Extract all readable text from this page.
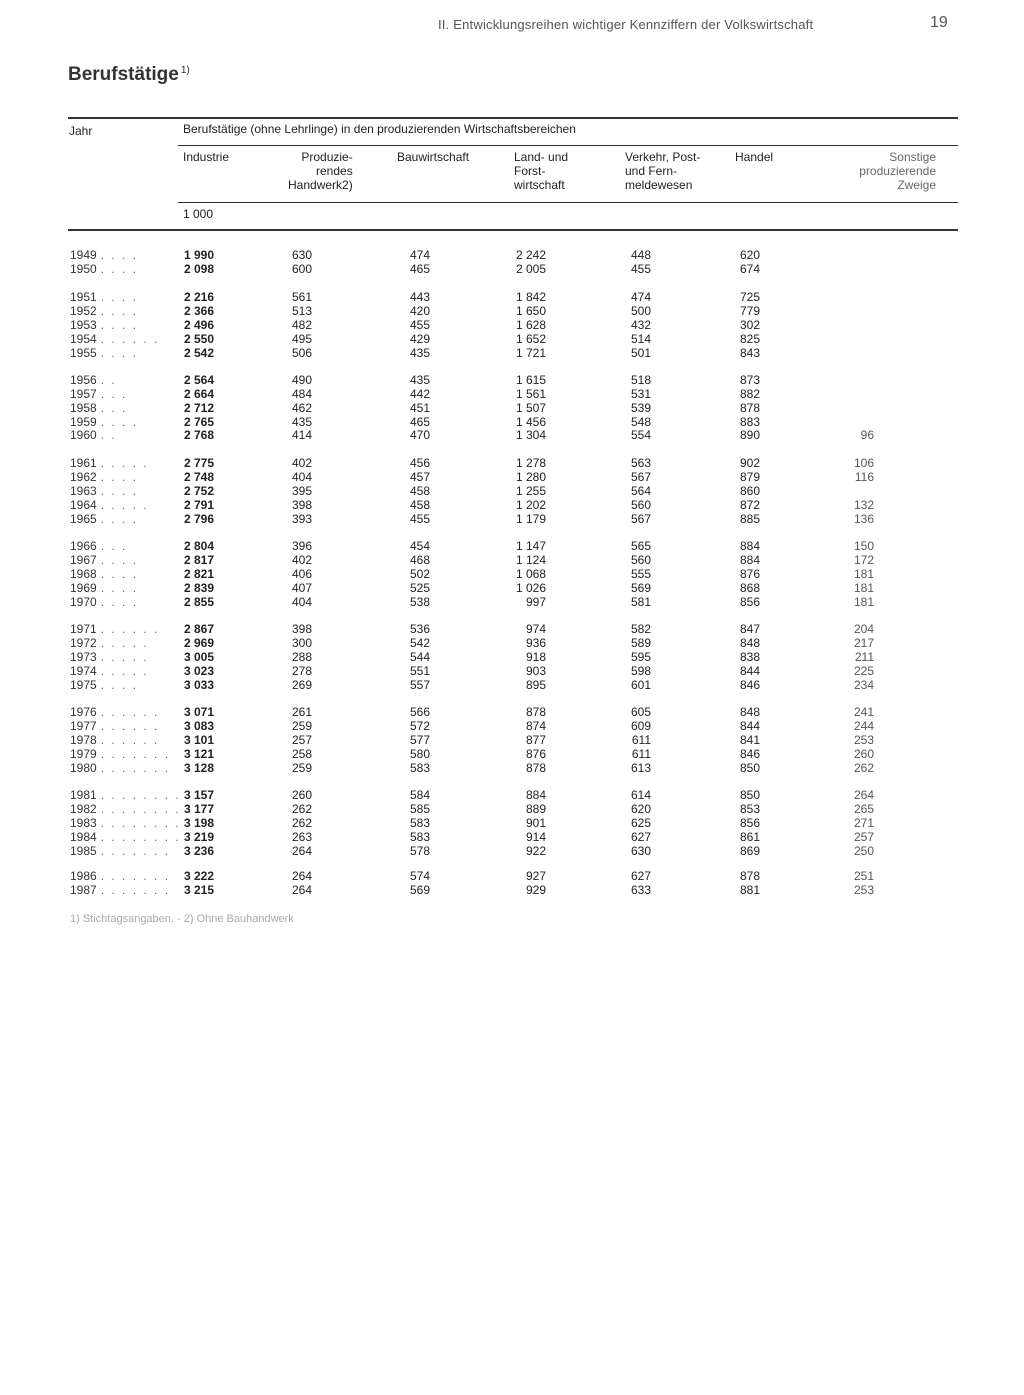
II. Entwicklungsreihen wichtiger Kennziffern der Volkswirtschaft	19
Berufstätige $^{1)}$
Jahr	Berufstätige (ohne Lehrlinge) in den produzierenden Wirtschaftsbereichen
Industrie	Produzie-
rendes
Handwerk2)
Bauwirtschaft	Land- und
Forst-
wirtschaft
Verkehr, Post-
und Fern-
meldewesen
Handel	Sonstige
produzierende
Zweige
1 000
1949 . . . .	1 990	630	474	2 242	448	620
1950 . . . .	2 098	600	465	2 005	455	674
1951 . . . .	2 216	561	443	1 842	474	725
1952 . . . .	2 366	513	420	1 650	500	779
1953 . . . .	2 496	482	455	1 628	432	302
1954 . . . . . .	2 550	495	429	1 652	514	825
1955 . . . .	2 542	506	435	1 721	501	843
1956 . .	2 564	490	435	1 615	518	873
1957 . . .	2 664	484	442	1 561	531	882
1958 . . .	2 712	462	451	1 507	539	878
1959 . . . .	2 765	435	465	1 456	548	883
1960 . .	2 768	414	470	1 304	554	890	96
1961 . . . . .	2 775	402	456	1 278	563	902	106
1962 . . . .	2 748	404	457	1 280	567	879	116
1963 . . . .	2 752	395	458	1 255	564	860
1964 . . . . .	2 791	398	458	1 202	560	872	132
1965 . . . .	2 796	393	455	1 179	567	885	136
1966 . . .	2 804	396	454	1 147	565	884	150
1967 . . . .	2 817	402	468	1 124	560	884	172
1968 . . . .	2 821	406	502	1 068	555	876	181
1969 . . . .	2 839	407	525	1 026	569	868	181
1970 . . . .	2 855	404	538	997	581	856	181
1971 . . . . . .	2 867	398	536	974	582	847	204
1972 . . . . .	2 969	300	542	936	589	848	217
1973 . . . . .	3 005	288	544	918	595	838	211
1974 . . . . .	3 023	278	551	903	598	844	225
1975 . . . .	3 033	269	557	895	601	846	234
1976 . . . . . .	3 071	261	566	878	605	848	241
1977 . . . . . .	3 083	259	572	874	609	844	244
1978 . . . . . .	3 101	257	577	877	611	841	253
1979 . . . . . . .	3 121	258	580	876	611	846	260
1980 . . . . . . .	3 128	259	583	878	613	850	262
1981 . . . . . . . . 3 157	260	584	884	614	850	264
1982 . . . . . . . . 3 177	262	585	889	620	853	265
1983 . . . . . . . . 3 198	262	583	901	625	856	271
1984 . . . . . . . . 3 219	263	583	914	627	861	257
1985 . . . . . . .	3 236	264	578	922	630	869	250
1986 . . . . . . .	3 222	264	574	927	627	878	251
1987 . . . . . . .	3 215	264	569	929	633	881	253
1) Stichtagsangaben. - 2) Ohne Bauhandwerk
